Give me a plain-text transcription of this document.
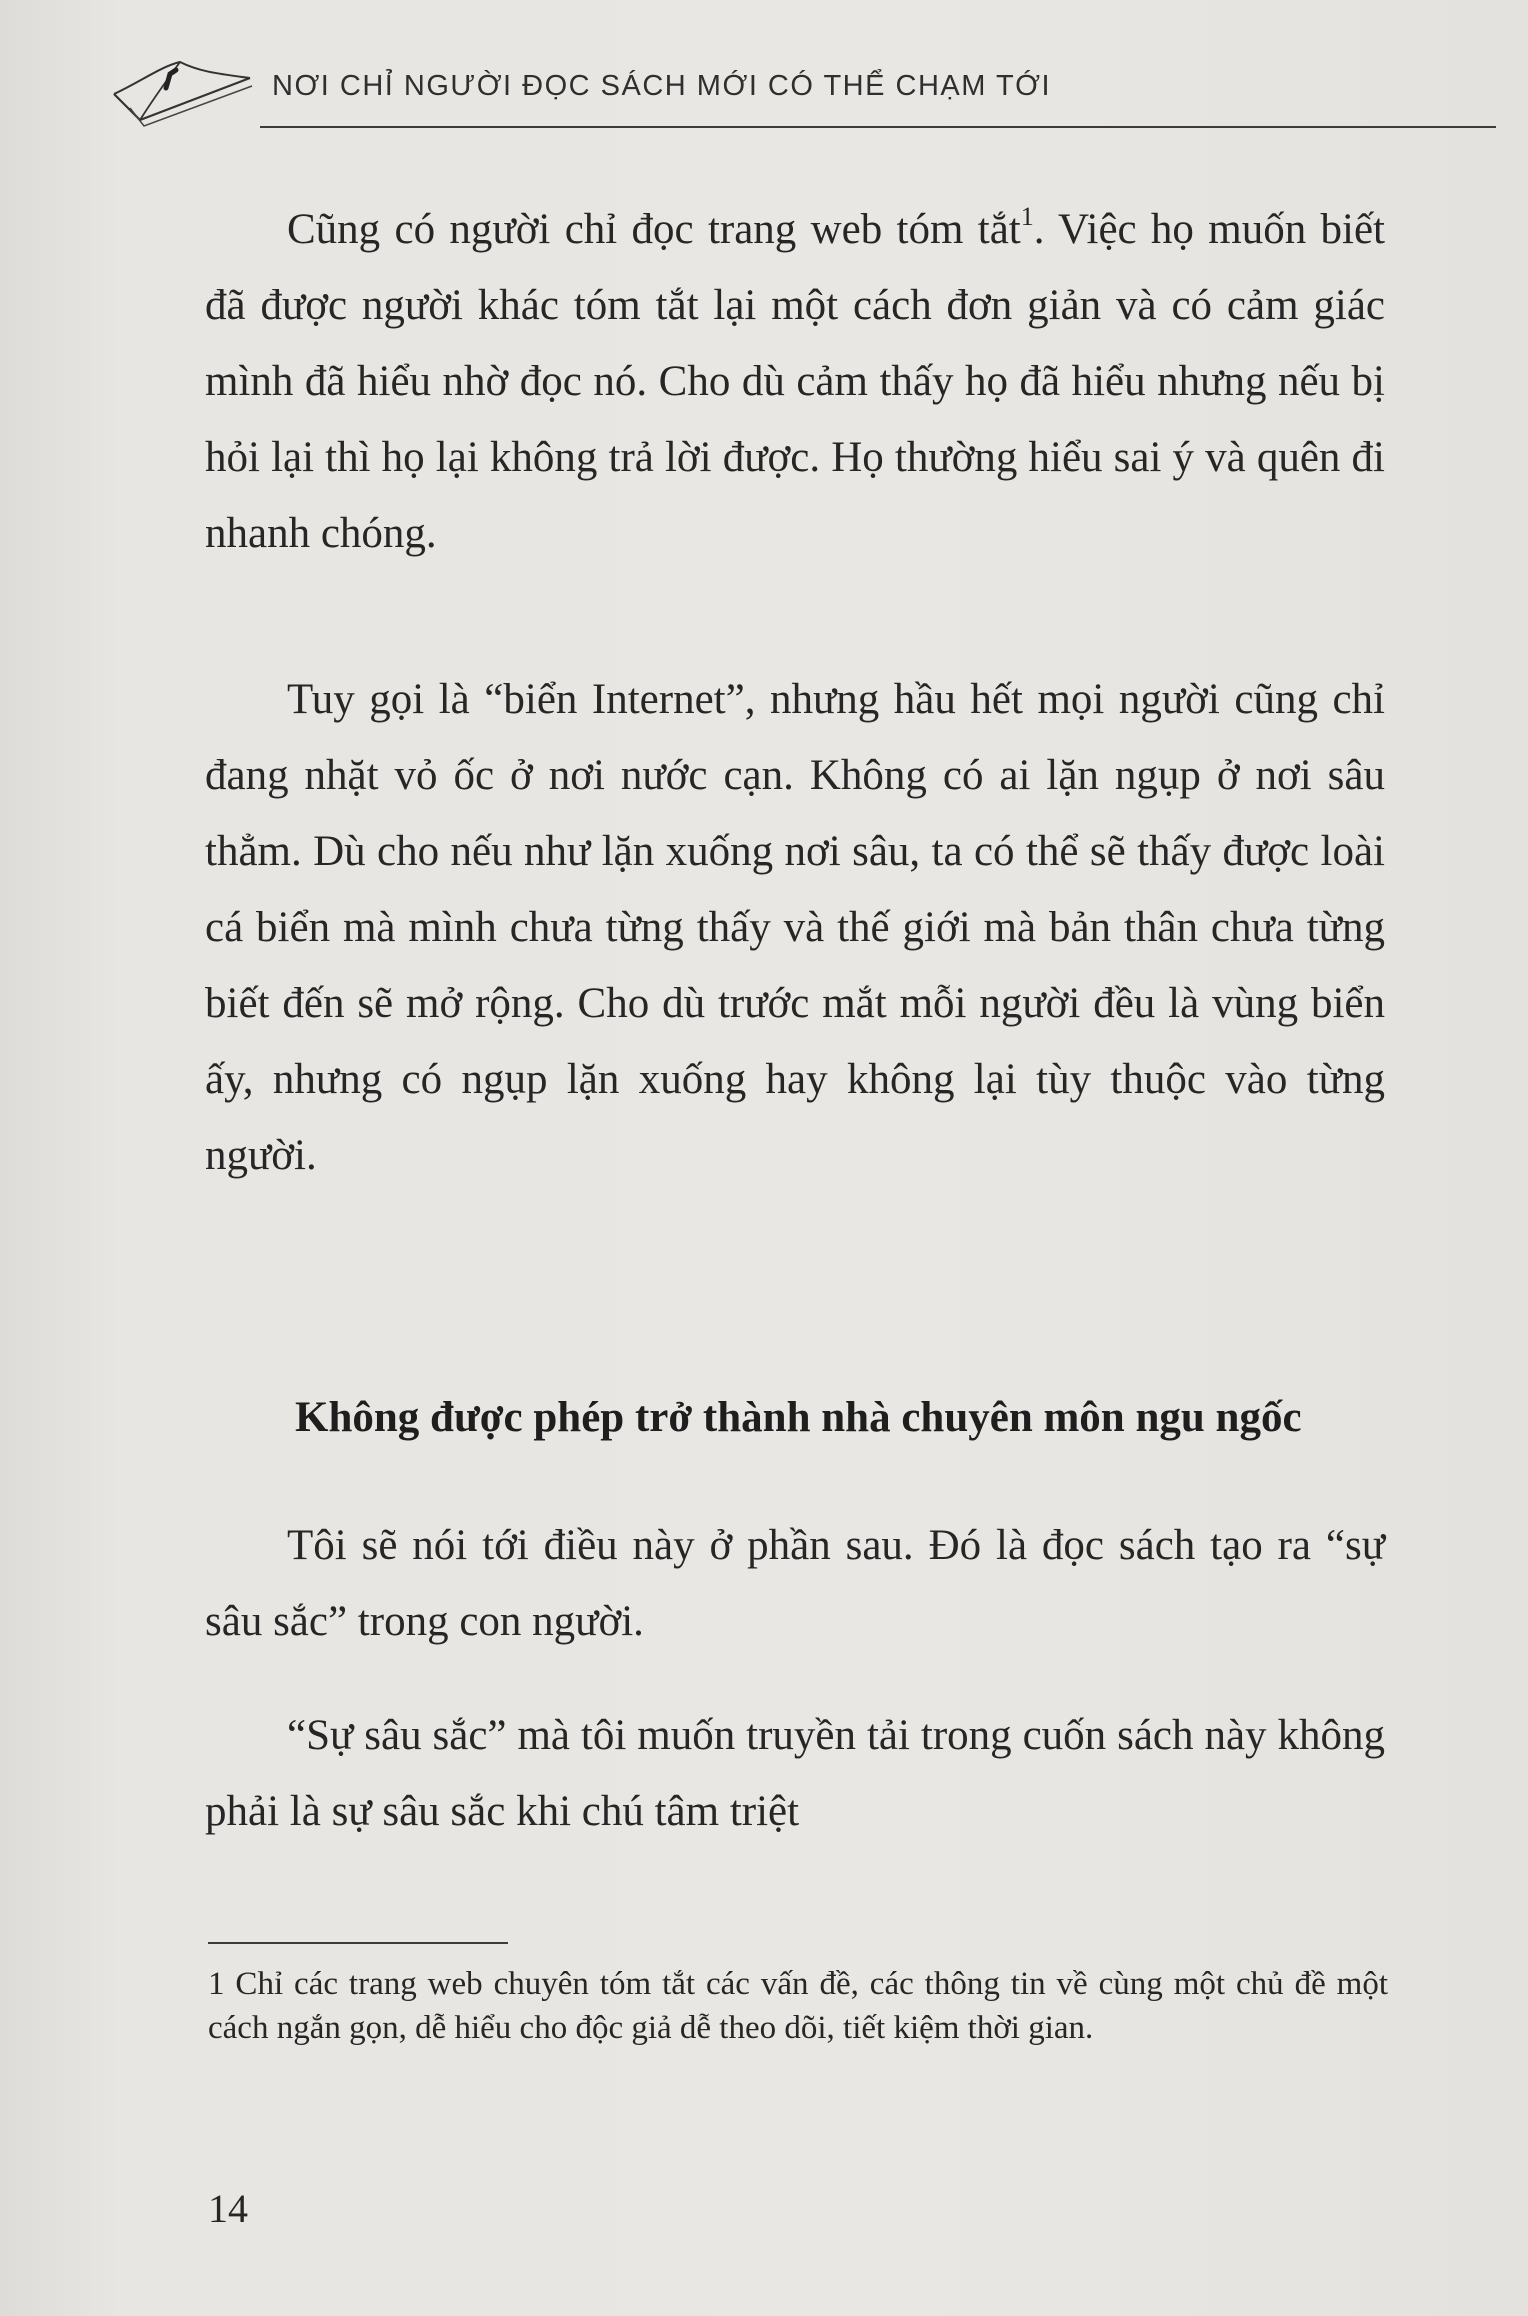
NƠI CHỈ NGƯỜI ĐỌC SÁCH MỚI CÓ THỂ CHẠM TỚI

Cũng có người chỉ đọc trang web tóm tắt$^1$. Việc họ muốn biết đã được người khác tóm tắt lại một cách đơn giản và có cảm giác mình đã hiểu nhờ đọc nó. Cho dù cảm thấy họ đã hiểu nhưng nếu bị hỏi lại thì họ lại không trả lời được. Họ thường hiểu sai ý và quên đi nhanh chóng.

Tuy gọi là “biển Internet”, nhưng hầu hết mọi người cũng chỉ đang nhặt vỏ ốc ở nơi nước cạn. Không có ai lặn ngụp ở nơi sâu thẳm. Dù cho nếu như lặn xuống nơi sâu, ta có thể sẽ thấy được loài cá biển mà mình chưa từng thấy và thế giới mà bản thân chưa từng biết đến sẽ mở rộng. Cho dù trước mắt mỗi người đều là vùng biển ấy, nhưng có ngụp lặn xuống hay không lại tùy thuộc vào từng người.

Không được phép trở thành nhà chuyên môn ngu ngốc

Tôi sẽ nói tới điều này ở phần sau. Đó là đọc sách tạo ra “sự sâu sắc” trong con người.

“Sự sâu sắc” mà tôi muốn truyền tải trong cuốn sách này không phải là sự sâu sắc khi chú tâm triệt

1 Chỉ các trang web chuyên tóm tắt các vấn đề, các thông tin về cùng một chủ đề một cách ngắn gọn, dễ hiểu cho độc giả dễ theo dõi, tiết kiệm thời gian.

14
